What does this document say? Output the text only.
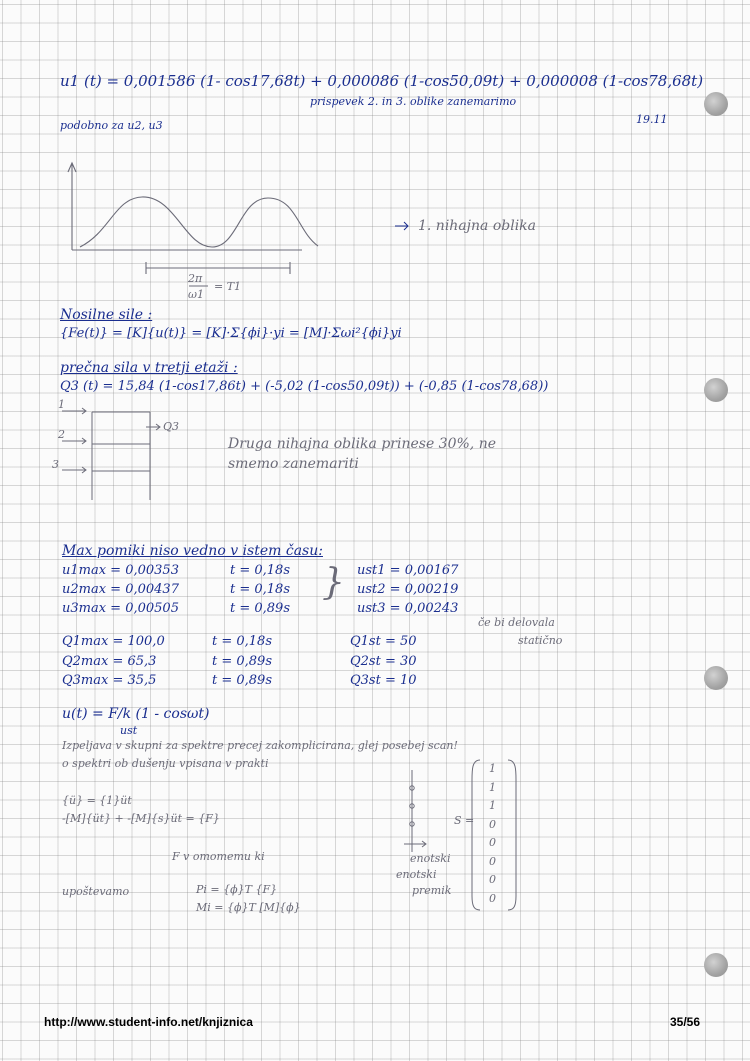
u1 (t) = 0,001586 (1- cos17,68t) + 0,000086 (1-cos50,09t) + 0,000008 (1-cos78,68t)
prispevek 2. in 3. oblike zanemarimo
podobno za u2, u3	19.11
2π
ω1
= T1
1. nihajna oblika
Nosilne sile :
{Fe(t)} = [K]{u(t)} = [K]·Σ{ϕi}·yi = [M]·Σωi²{ϕi}yi
prečna sila v tretji etaži :
Q3 (t) = 15,84 (1-cos17,86t) + (-5,02 (1-cos50,09t)) + (-0,85 (1-cos78,68))
1
2
3
Q3
Druga nihajna oblika prinese 30%, ne
smemo zanemariti
Max pomiki niso vedno v istem času:
u1max = 0,00353	t = 0,18s	ust1 = 0,00167
u2max = 0,00437	t = 0,18s	ust2 = 0,00219
u3max = 0,00505	t = 0,89s	ust3 = 0,00243
}
če bi delovala
statično
Q1max = 100,0	t = 0,18s	Q1st = 50
Q2max = 65,3	t = 0,89s	Q2st = 30
Q3max = 35,5	t = 0,89s	Q3st = 10
u(t) = F/k (1 - cosωt)
ust
Izpeljava v skupni za spektre precej zakomplicirana, glej posebej scan!
o spektri ob dušenju vpisana v prakti
{ü} = {1}üt
-[M]{üt} + -[M]{s}üt = {F}
F v omomemu ki
upoštevamo	Pi = {ϕ}T {F}
Mi = {ϕ}T [M]{ϕ}
enotski
enotski
premik
S =
1
1
1
0
0
0
0
0
http://www.student-info.net/knjiznica	35/56
